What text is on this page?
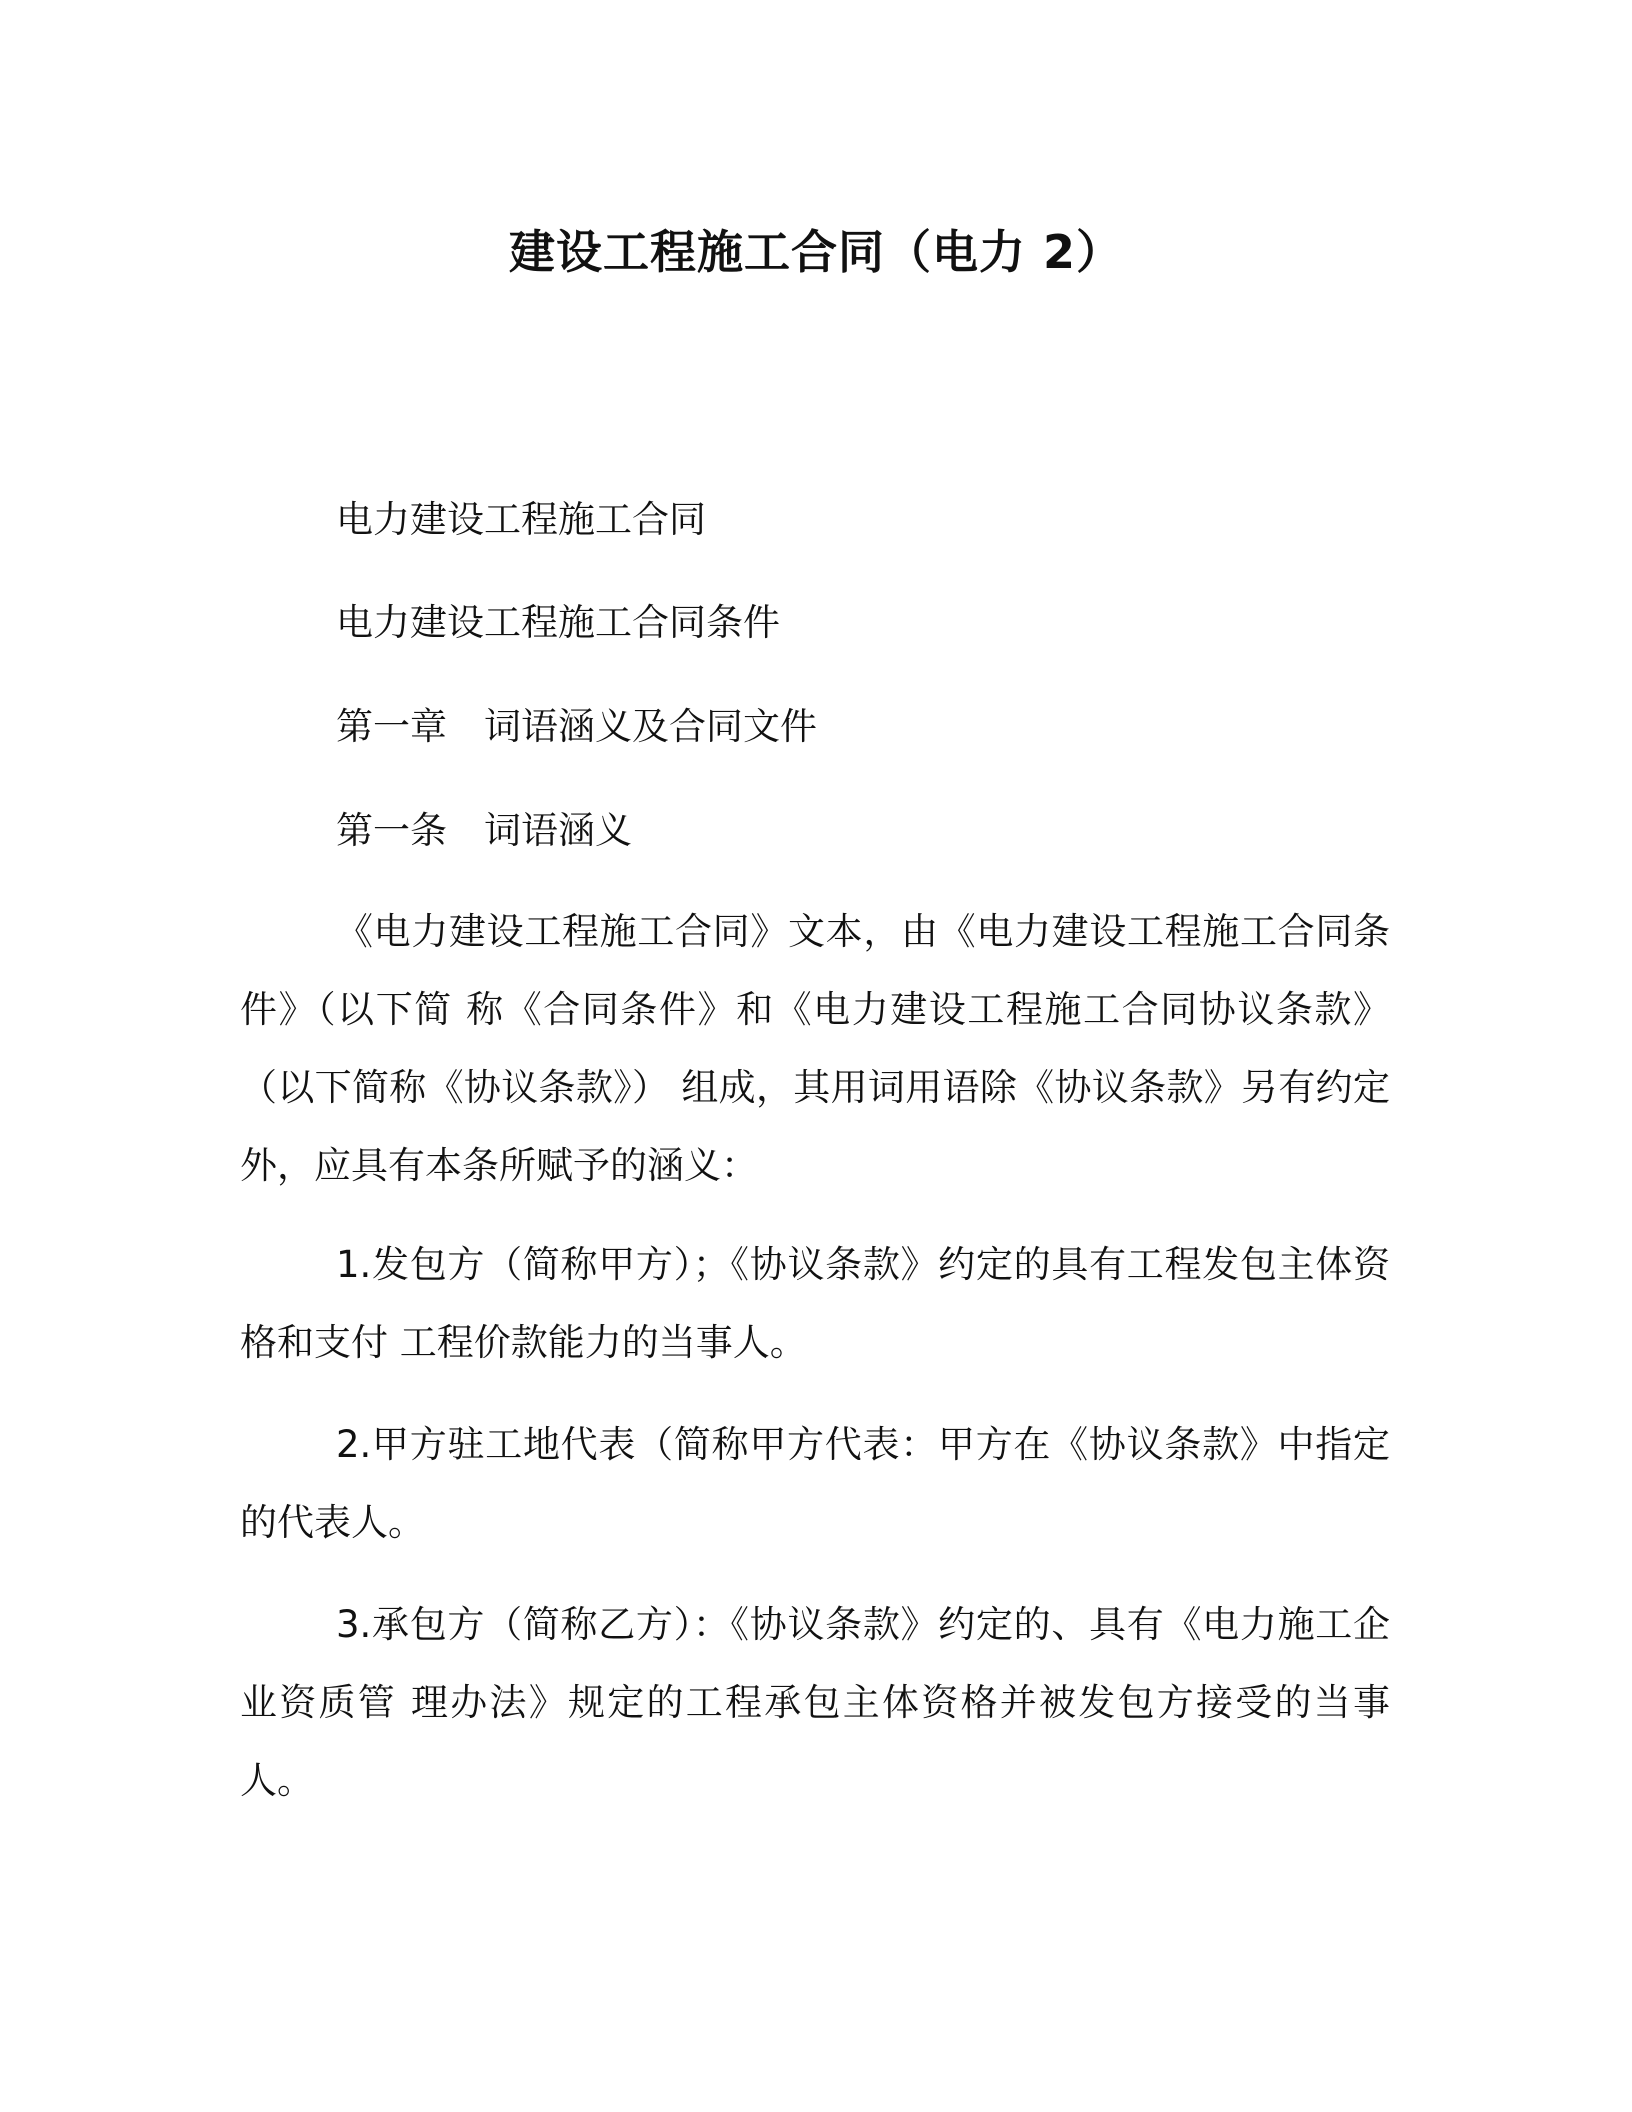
建设工程施工合同（电力 2）
电力建设工程施工合同
电力建设工程施工合同条件
第一章　词语涵义及合同文件
第一条　词语涵义

《电力建设工程施工合同》文本，由《电力建设工程施工合同条件》（以下简 称《合同条件》和《电力建设工程施工合同协议条款》（以下简称《协议条款》） 组成，其用词用语除《协议条款》另有约定外，应具有本条所赋予的涵义：

1.发包方（简称甲方）；《协议条款》约定的具有工程发包主体资格和支付 工程价款能力的当事人。

2.甲方驻工地代表（简称甲方代表：甲方在《协议条款》中指定的代表人。

3.承包方（简称乙方）：《协议条款》约定的、具有《电力施工企业资质管 理办法》规定的工程承包主体资格并被发包方接受的当事人。
